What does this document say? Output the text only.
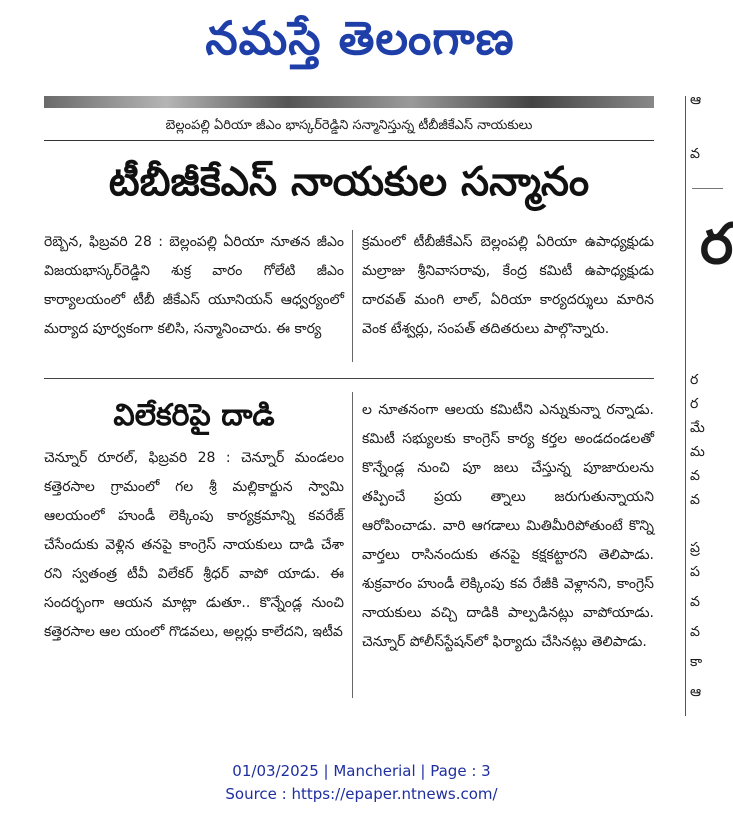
నమస్తే తెలంగాణ
బెల్లంపల్లి ఏరియా జీఎం భాస్కర్‌రెడ్డిని సన్మానిస్తున్న టీబీజీకేఎస్ నాయకులు
టీబీజీకేఎస్ నాయకుల సన్మానం

రెబ్బెన, ఫిబ్రవరి 28 : బెల్లంపల్లి ఏరియా నూతన జీఎం విజయభాస్కర్‌రెడ్డిని శుక్ర వారం గోలేటి జీఎం కార్యాలయంలో టీబీ జీకేఎస్ యూనియన్ ఆధ్వర్యంలో మర్యాద పూర్వకంగా కలిసి, సన్మానించారు. ఈ కార్య

క్రమంలో టీబీజీకేఎస్ బెల్లంపల్లి ఏరియా ఉపాధ్యక్షుడు మల్రాజు శ్రీనివాసరావు, కేంద్ర కమిటీ ఉపాధ్యక్షుడు దారవత్ మంగి లాల్, ఏరియా కార్యదర్శులు మారిన వెంక టేశ్వర్లు, సంపత్ తదితరులు పాల్గొన్నారు.

విలేకరిపై దాడి

చెన్నూర్ రూరల్, ఫిబ్రవరి 28 : చెన్నూర్ మండలం కత్తెరసాల గ్రామంలో గల శ్రీ మల్లికార్జున స్వామి ఆలయంలో హుండీ లెక్కింపు కార్యక్రమాన్ని కవరేజ్ చేసేందుకు వెళ్లిన తనపై కాంగ్రెస్ నాయకులు దాడి చేశా రని స్వతంత్ర టీవీ విలేకర్ శ్రీధర్ వాపో యాడు. ఈ సందర్భంగా ఆయన మాట్లా డుతూ.. కొన్నేండ్ల నుంచి కత్తెరసాల ఆల యంలో గొడవలు, అల్లర్లు కాలేదని, ఇటీవ

ల నూతనంగా ఆలయ కమిటీని ఎన్నుకున్నా రన్నాడు. కమిటీ సభ్యులకు కాంగ్రెస్ కార్య కర్తల అండదండలతో కొన్నేండ్ల నుంచి పూ జలు చేస్తున్న పూజారులను తప్పించే ప్రయ త్నాలు జరుగుతున్నాయని ఆరోపించాడు. వారి ఆగడాలు మితిమీరిపోతుంటే కొన్ని వార్తలు రాసినందుకు తనపై కక్షకట్టారని తెలిపాడు. శుక్రవారం హుండీ లెక్కింపు కవ రేజీకి వెళ్లానని, కాంగ్రెస్ నాయకులు వచ్చి దాడికి పాల్పడినట్లు వాపోయాడు. చెన్నూర్ పోలీస్‌స్టేషన్‌లో ఫిర్యాదు చేసినట్లు తెలిపాడు.

ఆ
వ
ర
ర
ర
మే
మ
వ
వ
ప్ర
ప
వ
వ
కా
ఆ
01/03/2025 | Mancherial | Page : 3
Source : https://epaper.ntnews.com/
